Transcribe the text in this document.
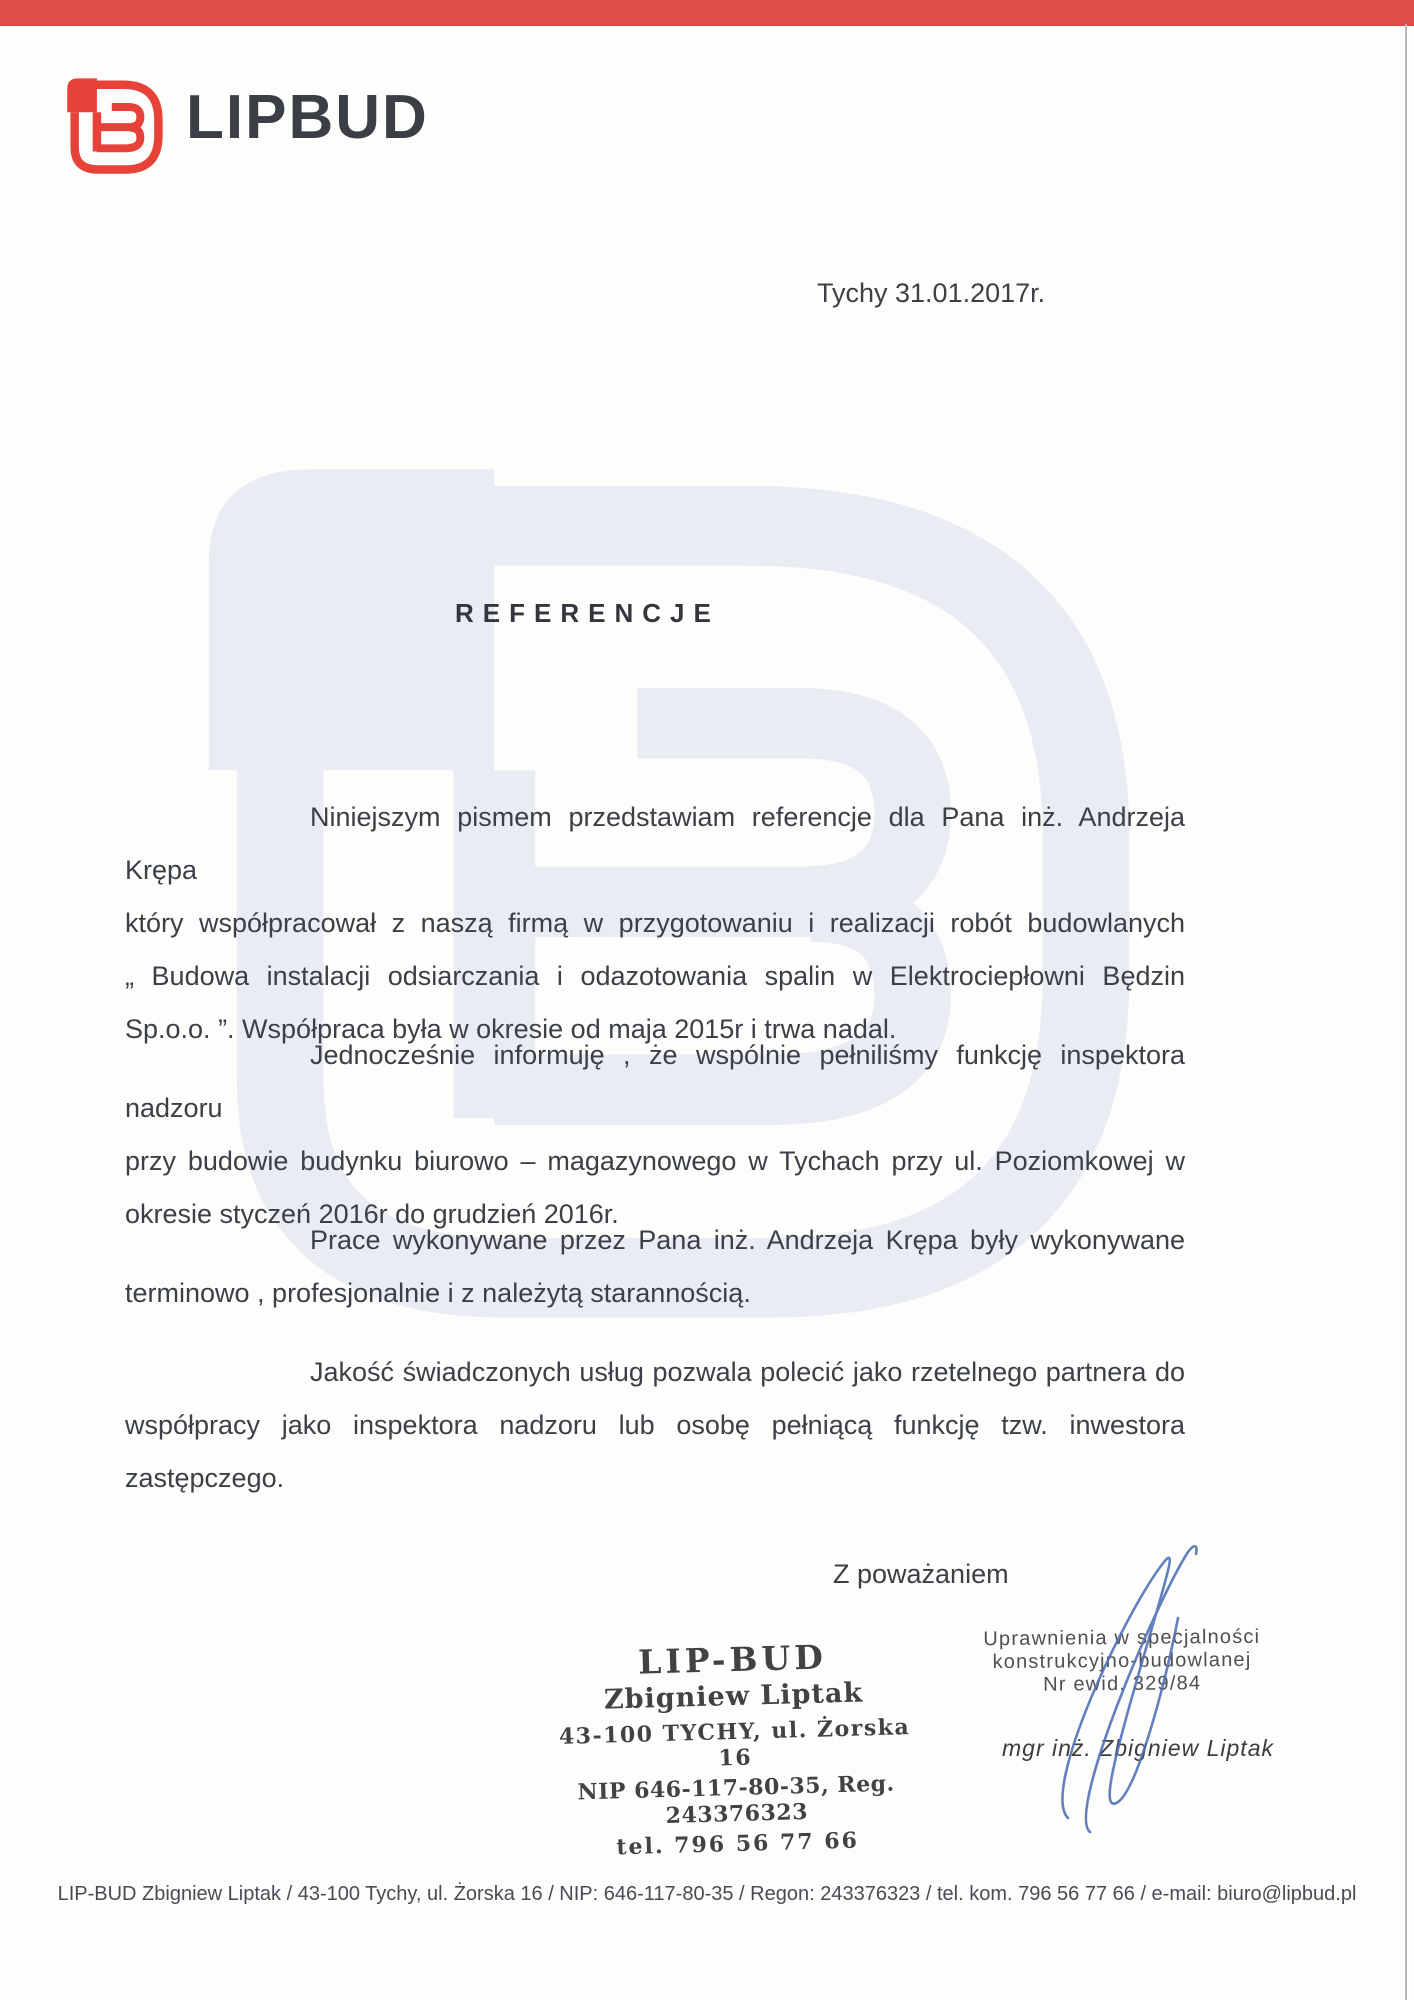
LIPBUD
Tychy 31.01.2017r.
REFERENCJE
Niniejszym pismem przedstawiam referencje dla Pana inż. Andrzeja Krępa
który współpracował z naszą firmą w przygotowaniu i realizacji robót budowlanych
„ Budowa instalacji odsiarczania i odazotowania spalin w Elektrociepłowni Będzin
Sp.o.o. ”. Współpraca była w okresie od maja 2015r i trwa nadal.
Jednocześnie informuję , że wspólnie pełniliśmy funkcję inspektora nadzoru
przy budowie budynku biurowo – magazynowego w Tychach przy ul. Poziomkowej w
okresie styczeń 2016r do grudzień 2016r.
Prace wykonywane przez Pana inż. Andrzeja Krępa były wykonywane
terminowo , profesjonalnie i z należytą starannością.
Jakość świadczonych usług pozwala polecić jako rzetelnego partnera do
współpracy jako inspektora nadzoru lub osobę pełniącą funkcję tzw. inwestora
zastępczego.
Z poważaniem
LIP-BUD
Zbigniew Liptak
43-100 TYCHY, ul. Żorska 16
NIP 646-117-80-35, Reg. 243376323
tel. 796 56 77 66
Uprawnienia w specjalności
konstrukcyjno-budowlanej
Nr ewid. 329/84
mgr inż. Zbigniew Liptak
LIP-BUD Zbigniew Liptak / 43-100 Tychy, ul. Żorska 16 / NIP: 646-117-80-35 / Regon: 243376323 / tel. kom. 796 56 77 66 / e-mail: biuro@lipbud.pl
